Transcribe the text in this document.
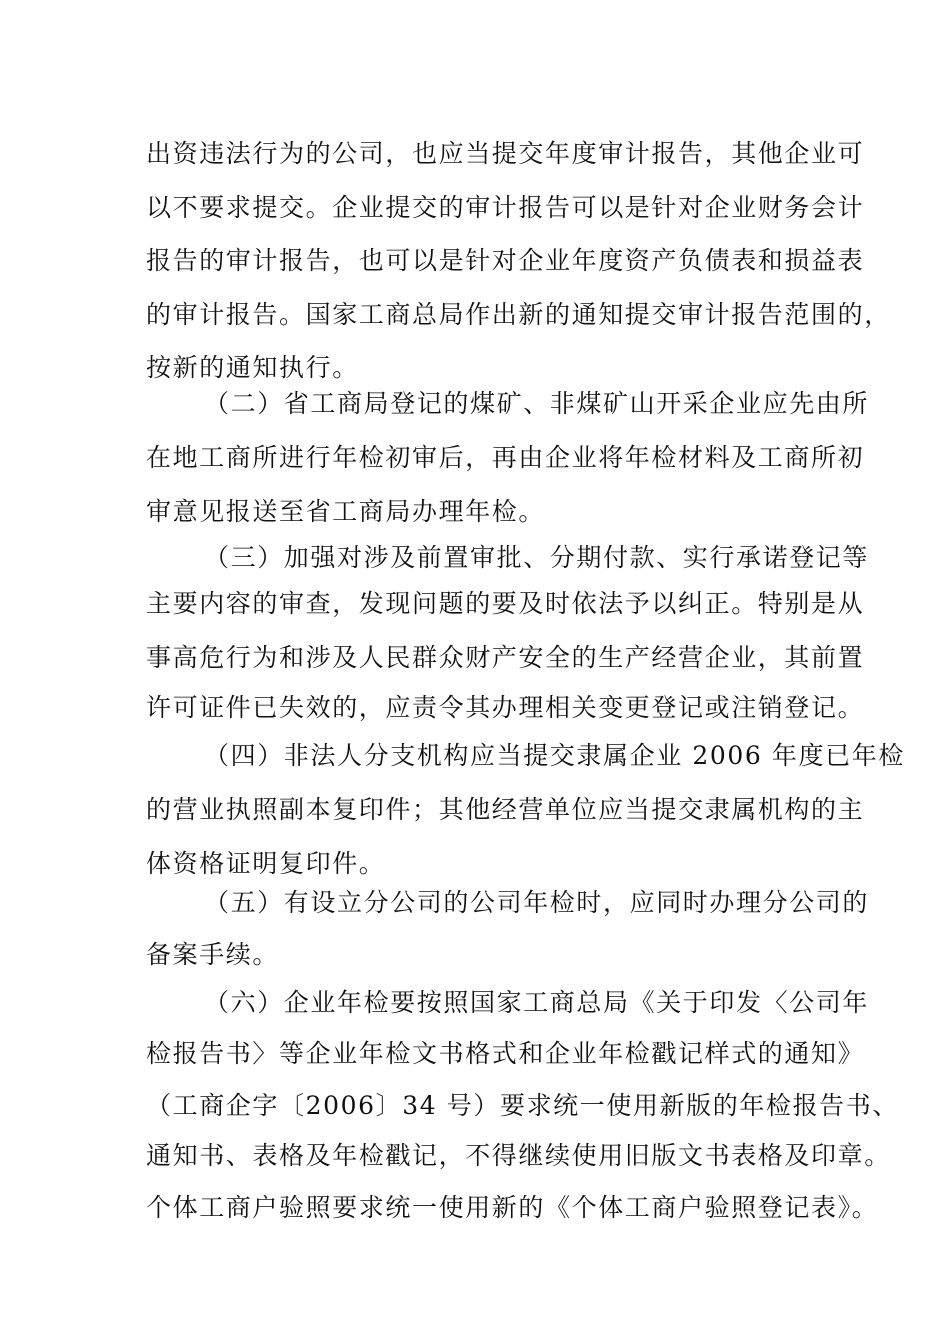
出资违法行为的公司，也应当提交年度审计报告，其他企业可
以不要求提交。企业提交的审计报告可以是针对企业财务会计
报告的审计报告，也可以是针对企业年度资产负债表和损益表
的审计报告。国家工商总局作出新的通知提交审计报告范围的，
按新的通知执行。
（二）省工商局登记的煤矿、非煤矿山开采企业应先由所
在地工商所进行年检初审后，再由企业将年检材料及工商所初
审意见报送至省工商局办理年检。
（三）加强对涉及前置审批、分期付款、实行承诺登记等
主要内容的审查，发现问题的要及时依法予以纠正。特别是从
事高危行为和涉及人民群众财产安全的生产经营企业，其前置
许可证件已失效的，应责令其办理相关变更登记或注销登记。
（四）非法人分支机构应当提交隶属企业 2006 年度已年检
的营业执照副本复印件；其他经营单位应当提交隶属机构的主
体资格证明复印件。
（五）有设立分公司的公司年检时，应同时办理分公司的
备案手续。
（六）企业年检要按照国家工商总局《关于印发〈公司年
检报告书〉等企业年检文书格式和企业年检戳记样式的通知》
（工商企字〔2006〕34 号）要求统一使用新版的年检报告书、
通知书、表格及年检戳记，不得继续使用旧版文书表格及印章。
个体工商户验照要求统一使用新的《个体工商户验照登记表》。
